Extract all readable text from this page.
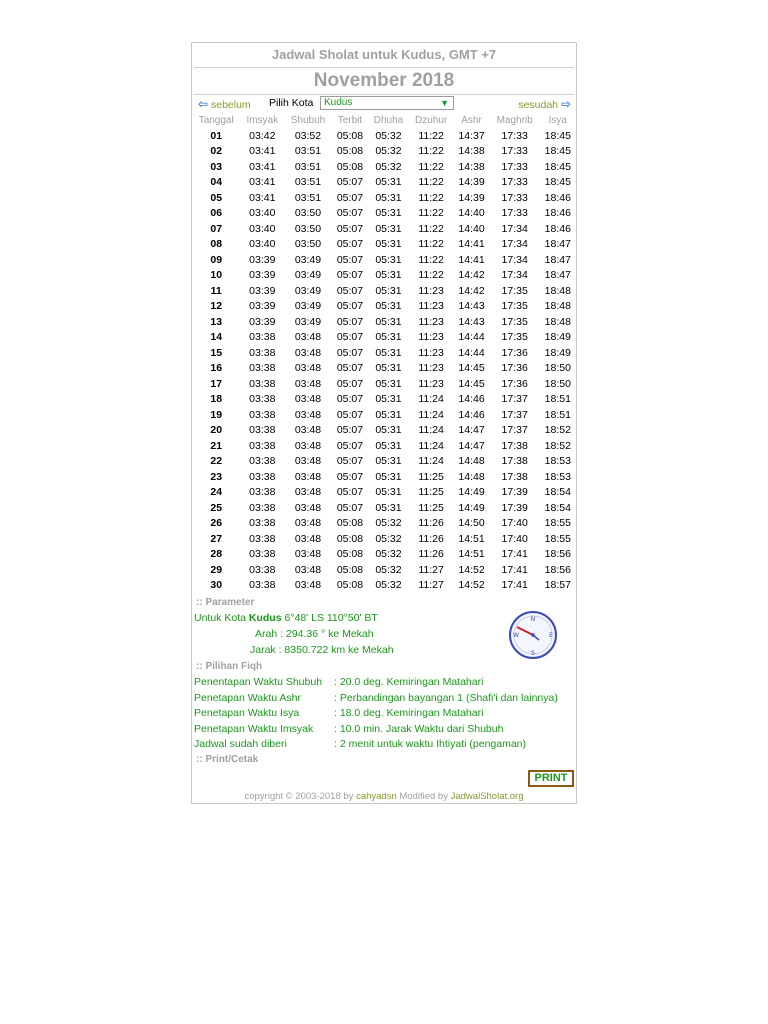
Jadwal Sholat untuk Kudus, GMT +7
November 2018
⇦ sebelum Pilih Kota	Kudus	▼	sesudah ⇨
Tanggal	Imsyak	Shubuh	Terbit	Dhuha	Dzuhur	Ashr	Maghrib	Isya
01	03:42	03:52	05:08	05:32	11:22	14:37	17:33	18:45
02	03:41	03:51	05:08	05:32	11:22	14:38	17:33	18:45
03	03:41	03:51	05:08	05:32	11:22	14:38	17:33	18:45
04	03:41	03:51	05:07	05:31	11:22	14:39	17:33	18:45
05	03:41	03:51	05:07	05:31	11:22	14:39	17:33	18:46
06	03:40	03:50	05:07	05:31	11:22	14:40	17:33	18:46
07	03:40	03:50	05:07	05:31	11:22	14:40	17:34	18:46
08	03:40	03:50	05:07	05:31	11:22	14:41	17:34	18:47
09	03:39	03:49	05:07	05:31	11:22	14:41	17:34	18:47
10	03:39	03:49	05:07	05:31	11:22	14:42	17:34	18:47
11	03:39	03:49	05:07	05:31	11:23	14:42	17:35	18:48
12	03:39	03:49	05:07	05:31	11:23	14:43	17:35	18:48
13	03:39	03:49	05:07	05:31	11:23	14:43	17:35	18:48
14	03:38	03:48	05:07	05:31	11:23	14:44	17:35	18:49
15	03:38	03:48	05:07	05:31	11:23	14:44	17:36	18:49
16	03:38	03:48	05:07	05:31	11:23	14:45	17:36	18:50
17	03:38	03:48	05:07	05:31	11:23	14:45	17:36	18:50
18	03:38	03:48	05:07	05:31	11:24	14:46	17:37	18:51
19	03:38	03:48	05:07	05:31	11:24	14:46	17:37	18:51
20	03:38	03:48	05:07	05:31	11:24	14:47	17:37	18:52
21	03:38	03:48	05:07	05:31	11:24	14:47	17:38	18:52
22	03:38	03:48	05:07	05:31	11:24	14:48	17:38	18:53
23	03:38	03:48	05:07	05:31	11:25	14:48	17:38	18:53
24	03:38	03:48	05:07	05:31	11:25	14:49	17:39	18:54
25	03:38	03:48	05:07	05:31	11:25	14:49	17:39	18:54
26	03:38	03:48	05:08	05:32	11:26	14:50	17:40	18:55
27	03:38	03:48	05:08	05:32	11:26	14:51	17:40	18:55
28	03:38	03:48	05:08	05:32	11:26	14:51	17:41	18:56
29	03:38	03:48	05:08	05:32	11:27	14:52	17:41	18:56
30	03:38	03:48	05:08	05:32	11:27	14:52	17:41	18:57
:: Parameter
Untuk Kota Kudus 6°48' LS 110°50' BT
Arah : 294.36 ° ke Mekah
Jarak : 8350.722 km ke Mekah
N
E
S
W
:: Pilihan Fiqh
Penentapan Waktu Shubuh : 20.0 deg. Kemiringan Matahari
Penetapan Waktu Ashr	: Perbandingan bayangan 1 (Shafi'i dan lainnya)
Penetapan Waktu Isya	: 18.0 deg. Kemiringan Matahari
Penetapan Waktu Imsyak : 10.0 min. Jarak Waktu dari Shubuh
Jadwal sudah diberi	: 2 menit untuk waktu Ihtiyati (pengaman)
:: Print/Cetak
PRINT
copyright © 2003-2018 by cahyadsn Modified by JadwalSholat.org
